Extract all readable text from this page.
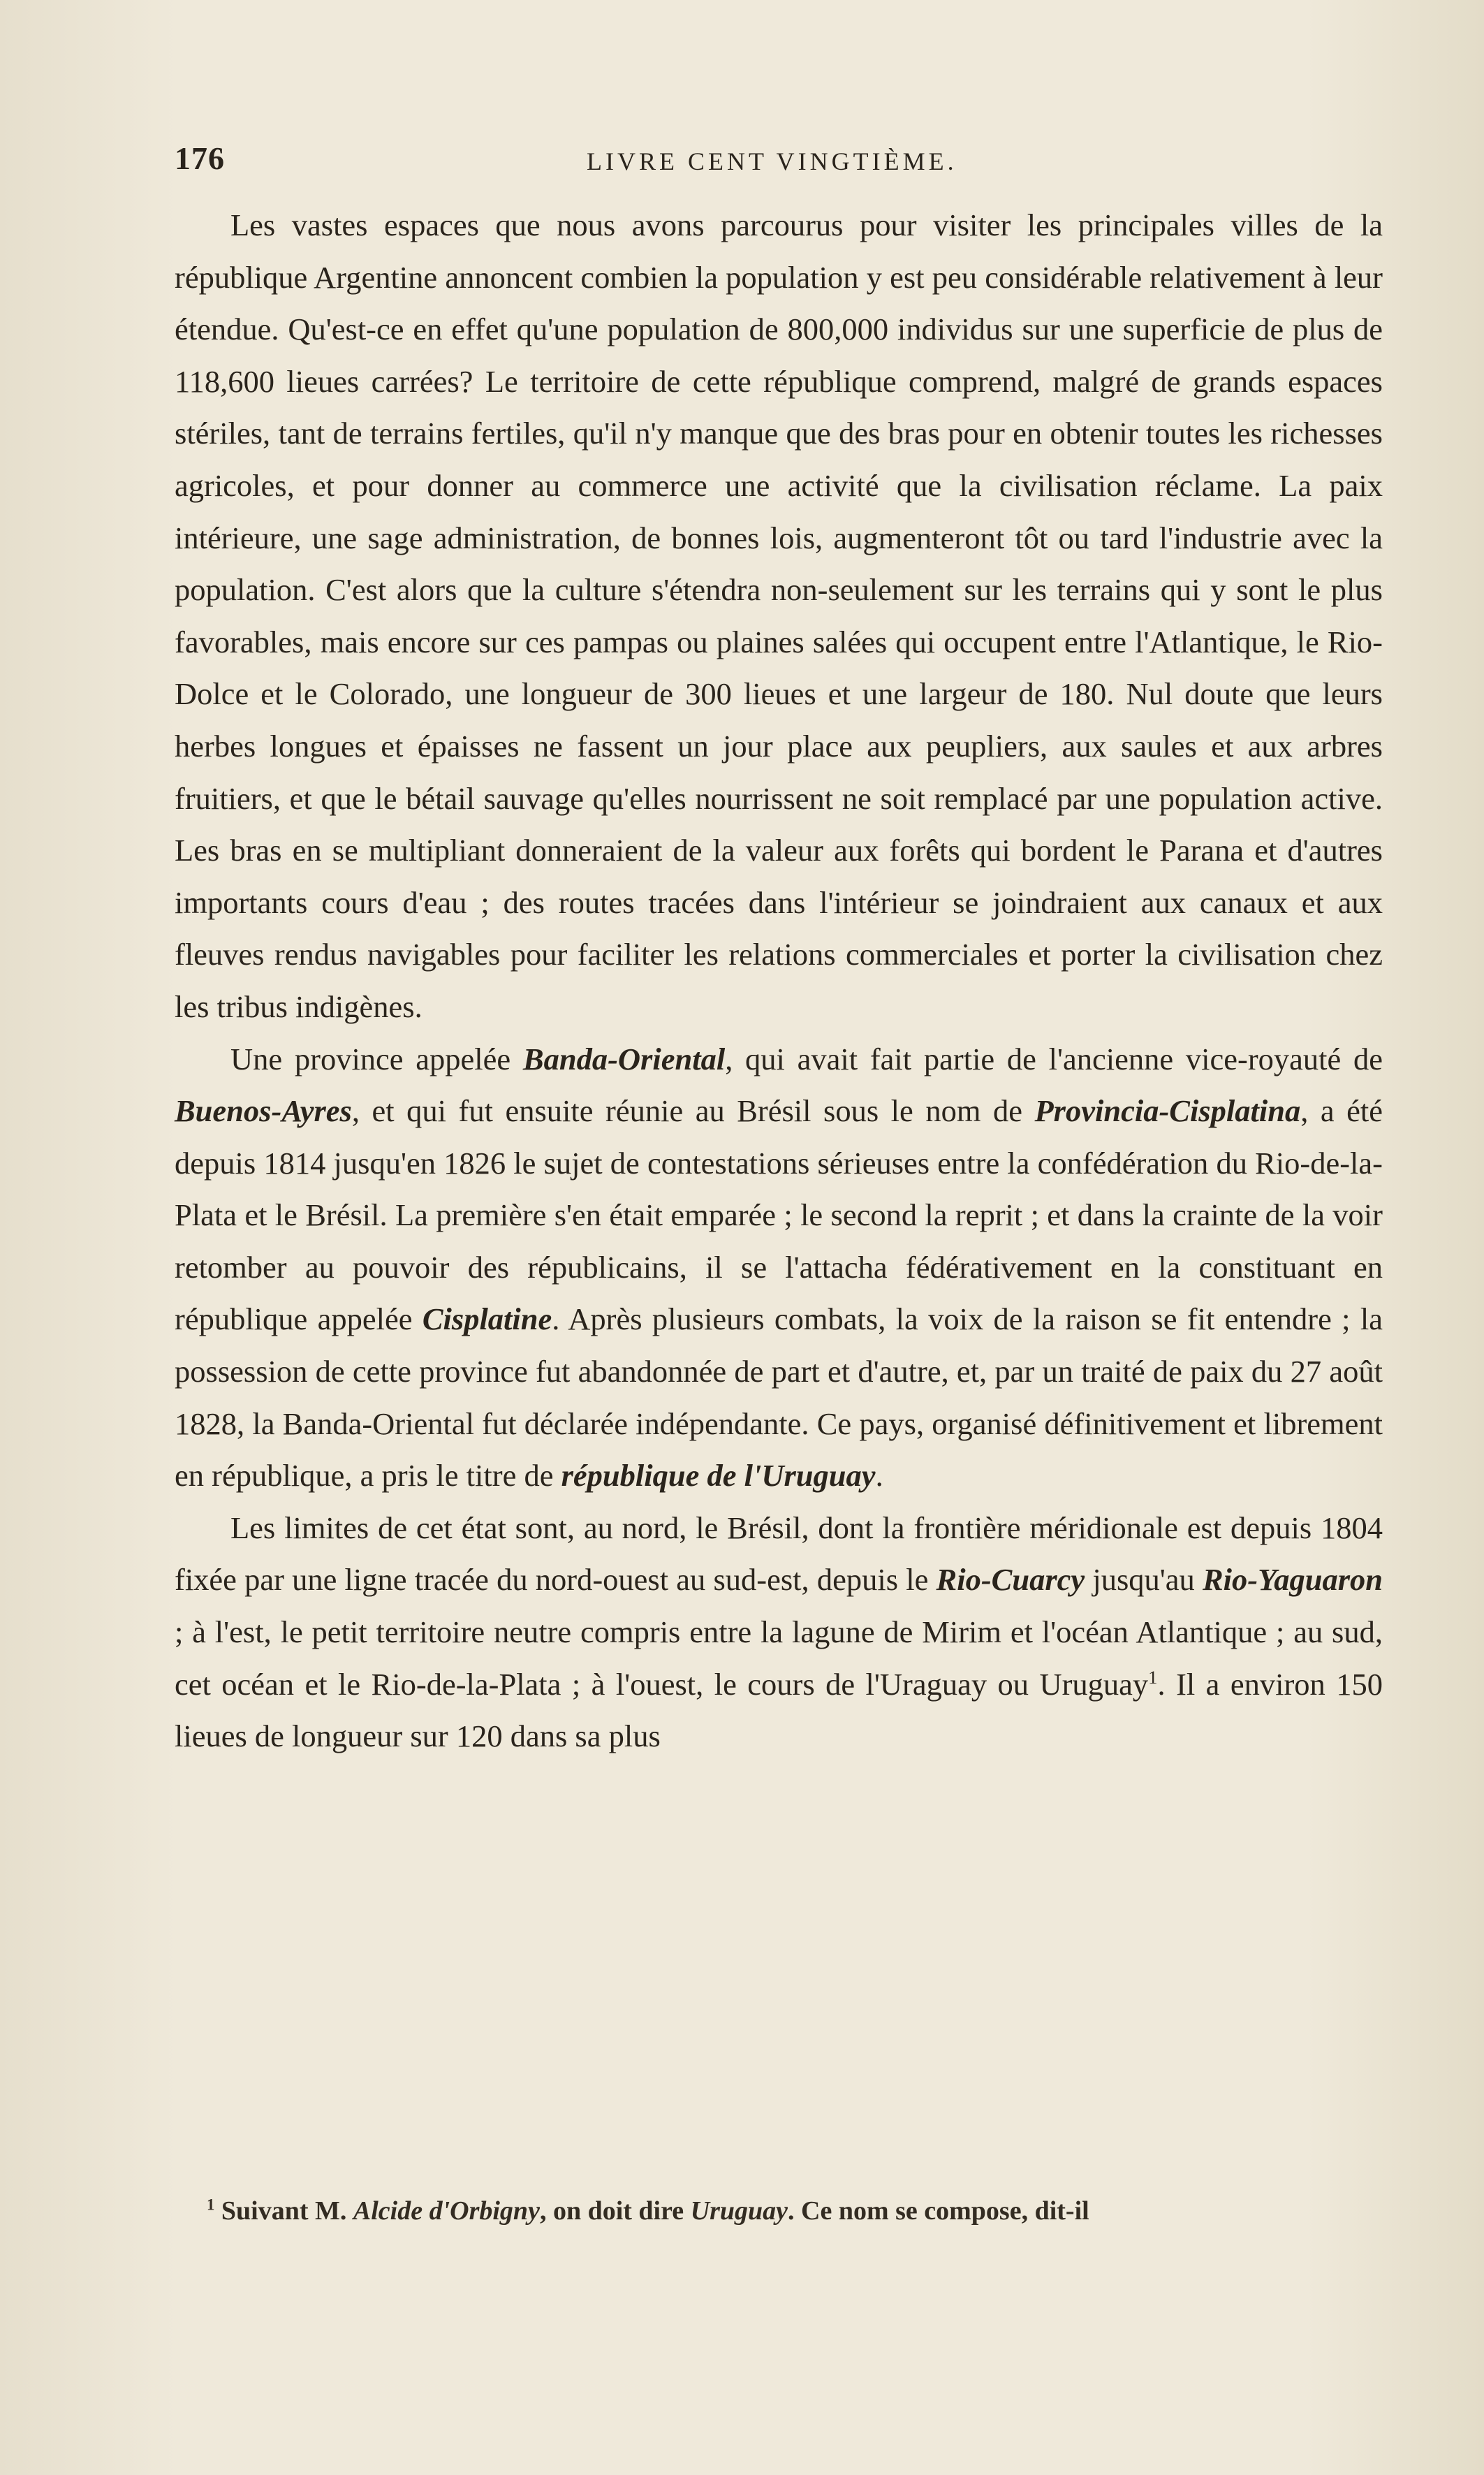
176	LIVRE CENT VINGTIÈME.

Les vastes espaces que nous avons parcourus pour visiter les principales villes de la république Argentine annoncent combien la population y est peu considérable relativement à leur étendue. Qu'est-ce en effet qu'une population de 800,000 individus sur une superficie de plus de 118,600 lieues carrées? Le territoire de cette république comprend, malgré de grands espaces stériles, tant de terrains fertiles, qu'il n'y manque que des bras pour en obtenir toutes les richesses agricoles, et pour donner au commerce une activité que la civilisation réclame. La paix intérieure, une sage administration, de bonnes lois, augmenteront tôt ou tard l'industrie avec la population. C'est alors que la culture s'étendra non-seulement sur les terrains qui y sont le plus favorables, mais encore sur ces pampas ou plaines salées qui occupent entre l'Atlantique, le Rio-Dolce et le Colorado, une longueur de 300 lieues et une largeur de 180. Nul doute que leurs herbes longues et épaisses ne fassent un jour place aux peupliers, aux saules et aux arbres fruitiers, et que le bétail sauvage qu'elles nourrissent ne soit remplacé par une population active. Les bras en se multipliant donneraient de la valeur aux forêts qui bordent le Parana et d'autres importants cours d'eau ; des routes tracées dans l'intérieur se joindraient aux canaux et aux fleuves rendus navigables pour faciliter les relations commerciales et porter la civilisation chez les tribus indigènes.

Une province appelée Banda-Oriental, qui avait fait partie de l'ancienne vice-royauté de Buenos-Ayres, et qui fut ensuite réunie au Brésil sous le nom de Provincia-Cisplatina, a été depuis 1814 jusqu'en 1826 le sujet de contestations sérieuses entre la confédération du Rio-de-la-Plata et le Brésil. La première s'en était emparée ; le second la reprit ; et dans la crainte de la voir retomber au pouvoir des républicains, il se l'attacha fédérativement en la constituant en république appelée Cisplatine. Après plusieurs combats, la voix de la raison se fit entendre ; la possession de cette province fut abandonnée de part et d'autre, et, par un traité de paix du 27 août 1828, la Banda-Oriental fut déclarée indépendante. Ce pays, organisé définitivement et librement en république, a pris le titre de république de l'Uruguay.

Les limites de cet état sont, au nord, le Brésil, dont la frontière méridionale est depuis 1804 fixée par une ligne tracée du nord-ouest au sud-est, depuis le Rio-Cuarcy jusqu'au Rio-Yaguaron ; à l'est, le petit territoire neutre compris entre la lagune de Mirim et l'océan Atlantique ; au sud, cet océan et le Rio-de-la-Plata ; à l'ouest, le cours de l'Uraguay ou Uruguay$^1$. Il a environ 150 lieues de longueur sur 120 dans sa plus

$^1$ Suivant M. Alcide d'Orbigny, on doit dire Uruguay. Ce nom se compose, dit-il
